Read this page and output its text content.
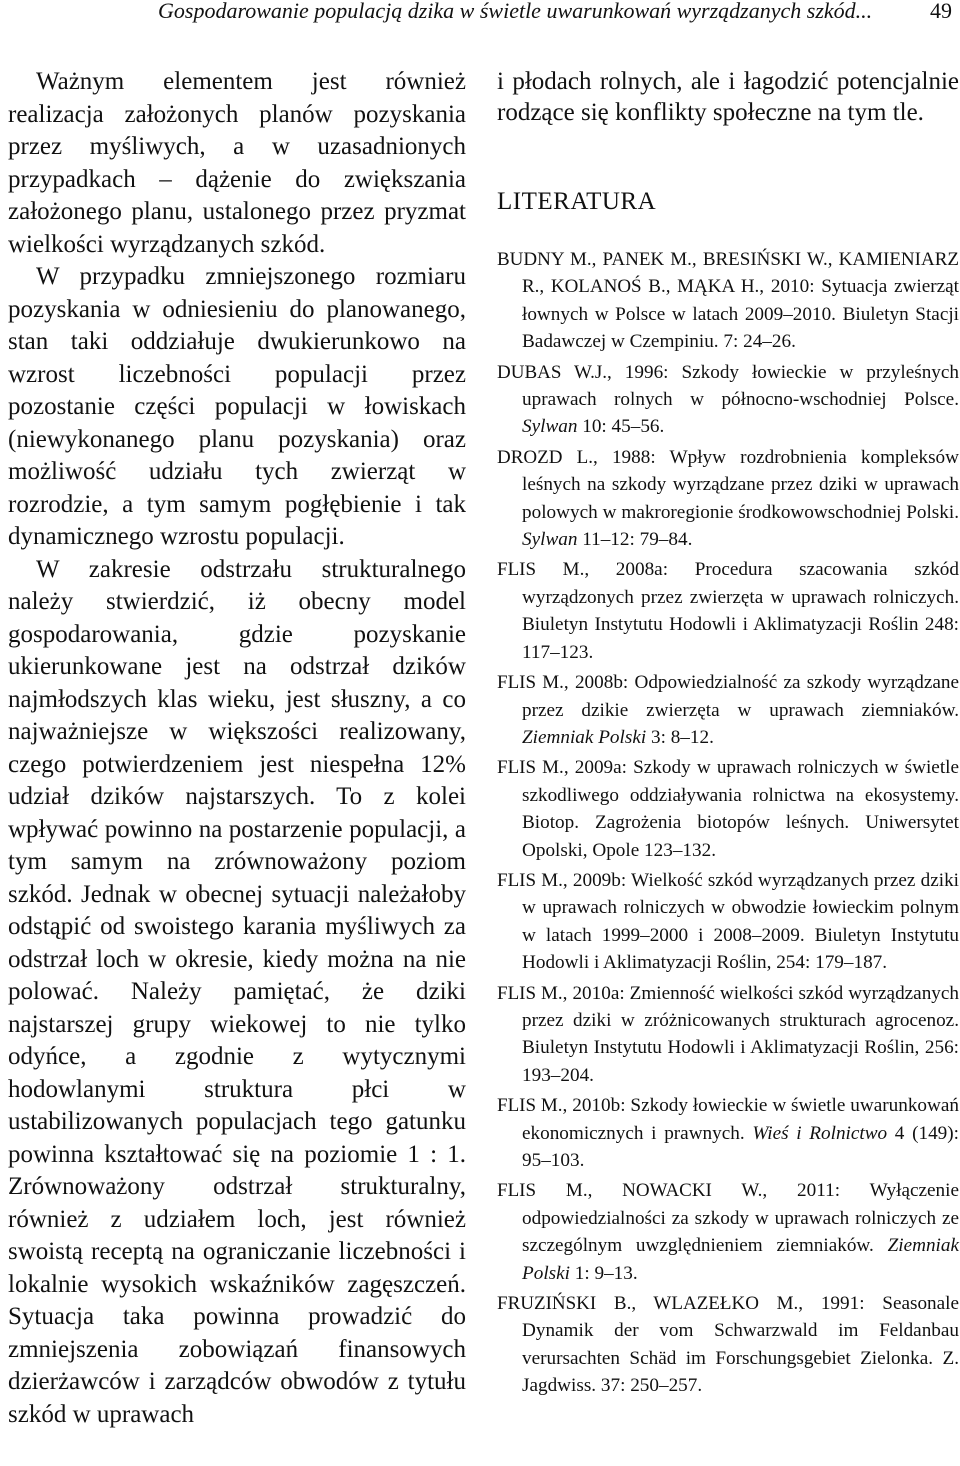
Gospodarowanie populacją dzika w świetle uwarunkowań wyrządzanych szkód...	49

Ważnym elementem jest również realizacja założonych planów pozyskania przez myśliwych, a w uzasadnionych przypadkach – dążenie do zwiększania założonego planu, ustalonego przez pryzmat wielkości wyrządzanych szkód.

W przypadku zmniejszonego rozmiaru pozyskania w odniesieniu do planowanego, stan taki oddziałuje dwukierunkowo na wzrost liczebności populacji przez pozostanie części populacji w łowiskach (niewykonanego planu pozyskania) oraz możliwość udziału tych zwierząt w rozrodzie, a tym samym pogłębienie i tak dynamicznego wzrostu populacji.

W zakresie odstrzału strukturalnego należy stwierdzić, iż obecny model gospodarowania, gdzie pozyskanie ukierunkowane jest na odstrzał dzików najmłodszych klas wieku, jest słuszny, a co najważniejsze w większości realizowany, czego potwierdzeniem jest niespełna 12% udział dzików najstarszych. To z kolei wpływać powinno na postarzenie populacji, a tym samym na zrównoważony poziom szkód. Jednak w obecnej sytuacji należałoby odstąpić od swoistego karania myśliwych za odstrzał loch w okresie, kiedy można na nie polować. Należy pamiętać, że dziki najstarszej grupy wiekowej to nie tylko odyńce, a zgodnie z wytycznymi hodowlanymi struktura płci w ustabilizowanych populacjach tego gatunku powinna kształtować się na poziomie 1 : 1. Zrównoważony odstrzał strukturalny, również z udziałem loch, jest również swoistą receptą na ograniczanie liczebności i lokalnie wysokich wskaźników zagęszczeń. Sytuacja taka powinna prowadzić do zmniejszenia zobowiązań finansowych dzierżawców i zarządców obwodów z tytułu szkód w uprawach

i płodach rolnych, ale i łagodzić potencjalnie rodzące się konflikty społeczne na tym tle.

LITERATURA
BUDNY M., PANEK M., BRESIŃSKI W., KAMIENIARZ R., KOLANOŚ B., MĄKA H., 2010: Sytuacja zwierząt łownych w Polsce w latach 2009–2010. Biuletyn Stacji Badawczej w Czempiniu. 7: 24–26.
DUBAS W.J., 1996: Szkody łowieckie w przyleśnych uprawach rolnych w północno-wschodniej Polsce. Sylwan 10: 45–56.
DROZD L., 1988: Wpływ rozdrobnienia kompleksów leśnych na szkody wyrządzane przez dziki w uprawach polowych w makroregionie środkowowschodniej Polski. Sylwan 11–12: 79–84.
FLIS M., 2008a: Procedura szacowania szkód wyrządzonych przez zwierzęta w uprawach rolniczych. Biuletyn Instytutu Hodowli i Aklimatyzacji Roślin 248: 117–123.
FLIS M., 2008b: Odpowiedzialność za szkody wyrządzane przez dzikie zwierzęta w uprawach ziemniaków. Ziemniak Polski 3: 8–12.
FLIS M., 2009a: Szkody w uprawach rolniczych w świetle szkodliwego oddziaływania rolnictwa na ekosystemy. Biotop. Zagrożenia biotopów leśnych. Uniwersytet Opolski, Opole 123–132.
FLIS M., 2009b: Wielkość szkód wyrządzanych przez dziki w uprawach rolniczych w obwodzie łowieckim polnym w latach 1999–2000 i 2008–2009. Biuletyn Instytutu Hodowli i Aklimatyzacji Roślin, 254: 179–187.
FLIS M., 2010a: Zmienność wielkości szkód wyrządzanych przez dziki w zróżnicowanych strukturach agrocenoz. Biuletyn Instytutu Hodowli i Aklimatyzacji Roślin, 256: 193–204.
FLIS M., 2010b: Szkody łowieckie w świetle uwarunkowań ekonomicznych i prawnych. Wieś i Rolnictwo 4 (149): 95–103.
FLIS M., NOWACKI W., 2011: Wyłączenie odpowiedzialności za szkody w uprawach rolniczych ze szczególnym uwzględnieniem ziemniaków. Ziemniak Polski 1: 9–13.
FRUZIŃSKI B., WLAZEŁKO M., 1991: Seasonale Dynamik der vom Schwarzwald im Feldanbau verursachten Schäd im Forschungsgebiet Zielonka. Z. Jagdwiss. 37: 250–257.
